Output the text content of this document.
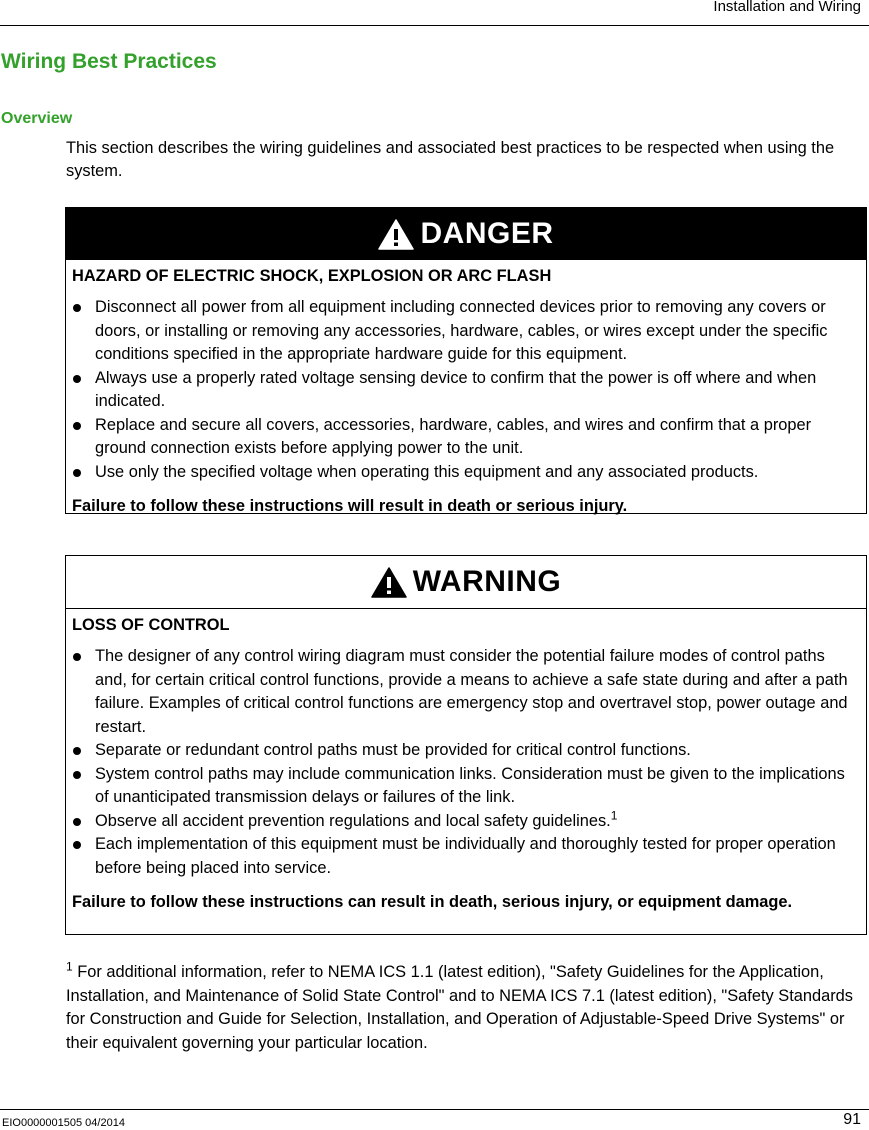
Installation and Wiring
Wiring Best Practices
Overview

This section describes the wiring guidelines and associated best practices to be respected when using the system.

DANGER

HAZARD OF ELECTRIC SHOCK, EXPLOSION OR ARC FLASH

Disconnect all power from all equipment including connected devices prior to removing any covers or doors, or installing or removing any accessories, hardware, cables, or wires except under the specific conditions specified in the appropriate hardware guide for this equipment.
Always use a properly rated voltage sensing device to confirm that the power is off where and when indicated.
Replace and secure all covers, accessories, hardware, cables, and wires and confirm that a proper ground connection exists before applying power to the unit.
Use only the specified voltage when operating this equipment and any associated products.

Failure to follow these instructions will result in death or serious injury.

WARNING

LOSS OF CONTROL

The designer of any control wiring diagram must consider the potential failure modes of control paths and, for certain critical control functions, provide a means to achieve a safe state during and after a path failure. Examples of critical control functions are emergency stop and overtravel stop, power outage and restart.
Separate or redundant control paths must be provided for critical control functions.
System control paths may include communication links. Consideration must be given to the implications of unanticipated transmission delays or failures of the link.
Observe all accident prevention regulations and local safety guidelines.$^1$
Each implementation of this equipment must be individually and thoroughly tested for proper operation before being placed into service.

Failure to follow these instructions can result in death, serious injury, or equipment damage.

$^1$ For additional information, refer to NEMA ICS 1.1 (latest edition), "Safety Guidelines for the Application, Installation, and Maintenance of Solid State Control" and to NEMA ICS 7.1 (latest edition), "Safety Standards for Construction and Guide for Selection, Installation, and Operation of Adjustable-Speed Drive Systems" or their equivalent governing your particular location.

EIO0000001505 04/2014	91
